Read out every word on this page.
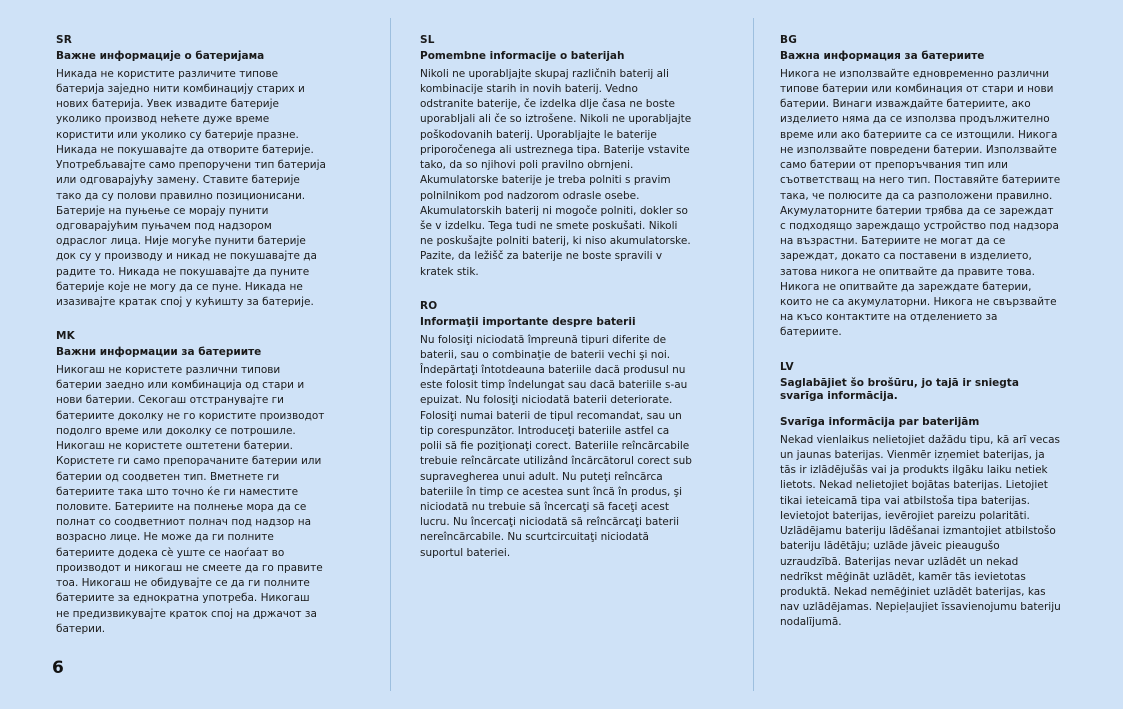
SR

Важне информације о батеријама

Никада не користите различите типове батерија заједно нити комбинацију старих и нових батерија. Увек извадите батерије уколико производ нећете дуже време користити или уколико су батерије празне. Никада не покушавајте да отвoрите батерије. Употребљавајте само препоручени тип батерија или одговарајућу замену. Ставите батерије тако да су полови правилно позиционисани. Батерије на пуњење се морају пунити одговарајућим пуњачем под надзором одраслог лица. Није могуће пунити батерије док су у производу и никад не покушавајте да радите то. Никада не покушавајте да пуните батерије које не могу да се пуне. Никада не изазивајте кратак спој у кућишту за батерије.

MK

Важни информации за батериите

Никогаш не користете различни типови батерии заедно или комбинација од стари и нови батерии. Секогаш отстранувајте ги батериите доколку не го користите производот подолго време или доколку се потрошиле. Никогаш не користете оштетени батерии. Користете ги само препорачаните батерии или батерии од соодветен тип. Вметнете ги батериите така што точно ќе ги наместите половите. Батериите на полнење мора да се полнат со соодветниот полнач под надзор на возрасно лице. Не може да ги полните батериите додека сѐ уште се наоѓаат во производот и никогаш не смеете да го правите тоа. Никогаш не обидувајте се да ги полните батериите за еднократна употреба. Никогаш не предизвикувајте краток спој на држачот за батерии.

SL

Pomembne informacije o baterijah

Nikoli ne uporabljajte skupaj različnih baterij ali kombinacije starih in novih baterij. Vedno odstranite baterije, če izdelka dlje časa ne boste uporabljali ali če so iztrošene. Nikoli ne uporabljajte poškodovanih baterij. Uporabljajte le baterije priporočenega ali ustreznega tipa. Baterije vstavite tako, da so njihovi poli pravilno obrnjeni. Akumulatorske baterije je treba polniti s pravim polnilnikom pod nadzorom odrasle osebe. Akumulatorskih baterij ni mogoče polniti, dokler so še v izdelku. Tega tudi ne smete poskušati. Nikoli ne poskušajte polniti baterij, ki niso akumulatorske. Pazite, da ležišč za baterije ne boste spravili v kratek stik.

RO

Informaţii importante despre baterii

Nu folosiţi niciodată împreună tipuri diferite de baterii, sau o combinaţie de baterii vechi şi noi. Îndepărtaţi întotdeauna bateriile dacă produsul nu este folosit timp îndelungat sau dacă bateriile s-au epuizat. Nu folosiţi niciodată baterii deteriorate. Folosiţi numai baterii de tipul recomandat, sau un tip corespunzător. Introduceţi bateriile astfel ca polii să fie poziţionaţi corect. Bateriile reîncărcabile trebuie reîncărcate utilizând încărcătorul corect sub supravegherea unui adult. Nu puteţi reîncărca bateriile în timp ce acestea sunt încă în produs, şi niciodată nu trebuie să încercaţi să faceţi acest lucru. Nu încercaţi niciodată să reîncărcaţi baterii nereîncărcabile. Nu scurtcircuitaţi niciodată suportul bateriei.

BG

Важна информация за батериите

Никога не използвайте едновременно различни типове батерии или комбинация от стари и нови батерии. Винаги изваждайте батериите, ако изделието няма да се използва продължително време или ако батериите са се изтощили. Никога не използвайте повредени батерии. Използвайте само батерии от препоръчвания тип или съответстващ на него тип. Поставяйте батериите така, че полюсите да са разположени правилно. Акумулаторните батерии трябва да се зареждат с подходящо зареждащо устройство под надзора на възрастни. Батериите не могат да се зареждат, докато са поставени в изделието, затова никога не опитвайте да правите това. Никога не опитвайте да зареждате батерии, които не са акумулаторни. Никога не свързвайте на късо контактите на отделението за батериите.

LV

Saglabājiet šo brošūru, jo tajā ir sniegta svarīga informācija.

Svarīga informācija par baterijām

Nekad vienlaikus nelietojiet dažādu tipu, kā arī vecas un jaunas baterijas. Vienmēr izņemiet baterijas, ja tās ir izlādējušās vai ja produkts ilgāku laiku netiek lietots. Nekad nelietojiet bojātas baterijas. Lietojiet tikai ieteicamā tipa vai atbilstoša tipa baterijas. Ievietojot baterijas, ievērojiet pareizu polaritāti. Uzlādējamu bateriju lādēšanai izmantojiet atbilstošo bateriju lādētāju; uzlāde jāveic pieaugušo uzraudzībā. Baterijas nevar uzlādēt un nekad nedrīkst mēģināt uzlādēt, kamēr tās ievietotas produktā. Nekad nemēģiniet uzlādēt baterijas, kas nav uzlādējamas. Nepieļaujiet īssavienojumu bateriju nodalījumā.

6
